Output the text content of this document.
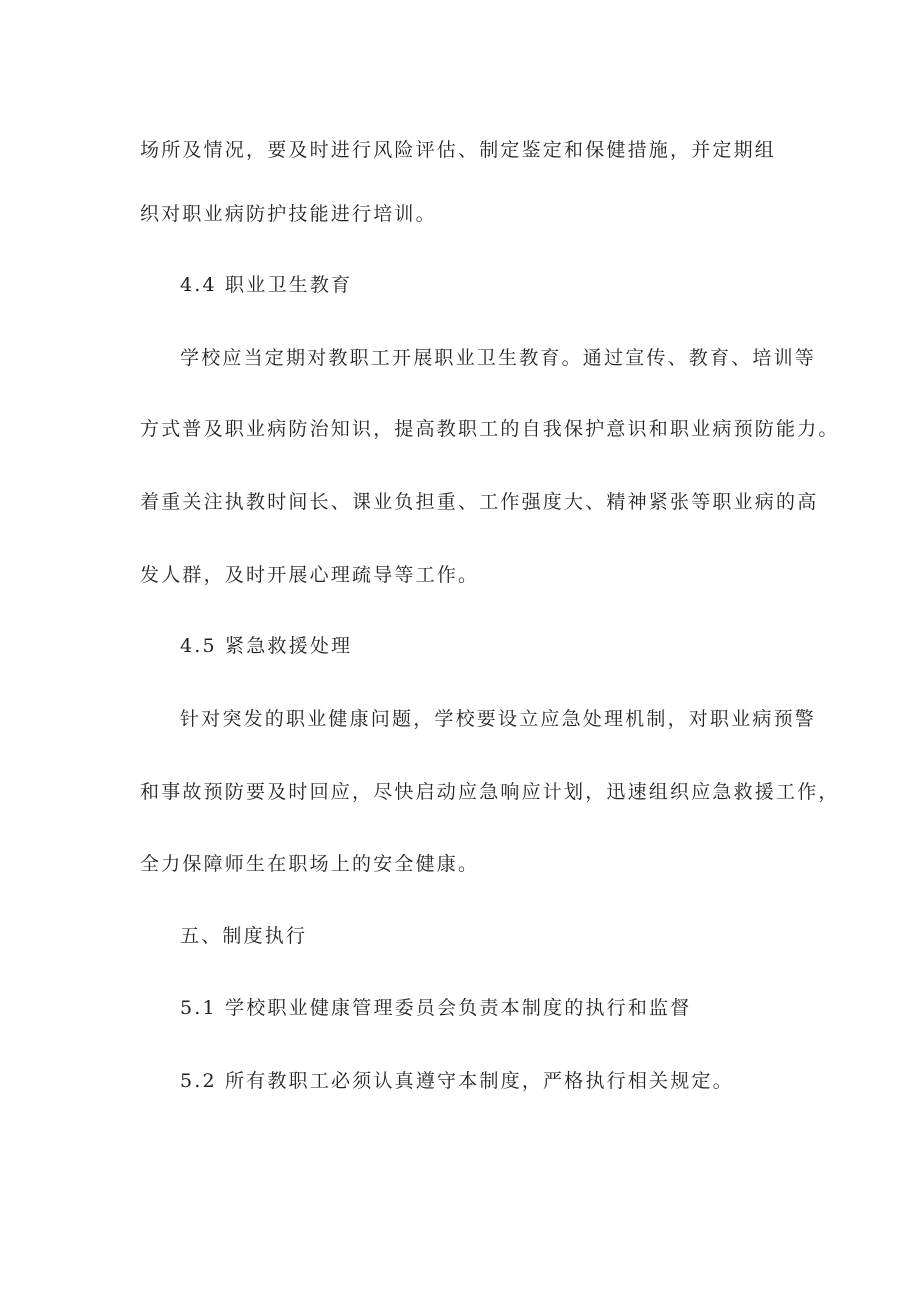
场所及情况，要及时进行风险评估、制定鉴定和保健措施，并定期组

织对职业病防护技能进行培训。

4.4 职业卫生教育

学校应当定期对教职工开展职业卫生教育。通过宣传、教育、培训等

方式普及职业病防治知识，提高教职工的自我保护意识和职业病预防能力。

着重关注执教时间长、课业负担重、工作强度大、精神紧张等职业病的高

发人群，及时开展心理疏导等工作。

4.5 紧急救援处理

针对突发的职业健康问题，学校要设立应急处理机制，对职业病预警

和事故预防要及时回应，尽快启动应急响应计划，迅速组织应急救援工作，

全力保障师生在职场上的安全健康。

五、制度执行

5.1 学校职业健康管理委员会负责本制度的执行和监督

5.2 所有教职工必须认真遵守本制度，严格执行相关规定。
